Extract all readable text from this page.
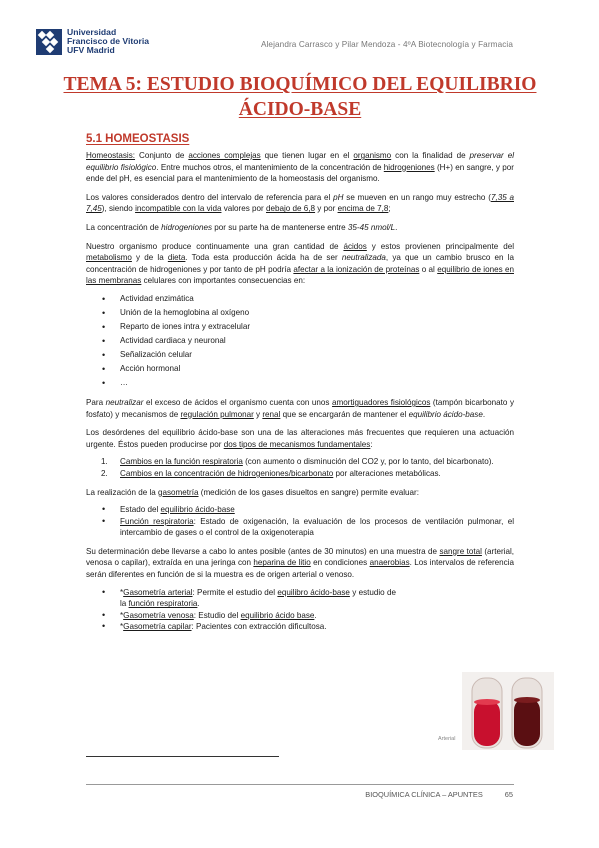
Universidad
Francisco de Vitoria
UFV Madrid
Alejandra Carrasco y Pilar Mendoza - 4ºA Biotecnología y Farmacia
TEMA 5: ESTUDIO BIOQUÍMICO DEL EQUILIBRIO
ÁCIDO-BASE
5.1 HOMEOSTASIS

Homeostasis: Conjunto de acciones complejas que tienen lugar en el organismo con la finalidad de preservar el equilibrio fisiológico. Entre muchos otros, el mantenimiento de la concentración de hidrogeniones (H+) en sangre, y por ende del pH, es esencial para el mantenimiento de la homeostasis del organismo.

Los valores considerados dentro del intervalo de referencia para el pH se mueven en un rango muy estrecho (7,35 a 7,45), siendo incompatible con la vida valores por debajo de 6,8 y por encima de 7,8;

La concentración de hidrogeniones por su parte ha de mantenerse entre 35-45 nmol/L.

Nuestro organismo produce continuamente una gran cantidad de ácidos y estos provienen principalmente del metabolismo y de la dieta. Toda esta producción ácida ha de ser neutralizada, ya que un cambio brusco en la concentración de hidrogeniones y por tanto de pH podría afectar a la ionización de proteínas o al equilibrio de iones en las membranas celulares con importantes consecuencias en:

• Actividad enzimática
• Unión de la hemoglobina al oxígeno
• Reparto de iones intra y extracelular
• Actividad cardiaca y neuronal
• Señalización celular
• Acción hormonal
• …

Para neutralizar el exceso de ácidos el organismo cuenta con unos amortiguadores fisiológicos (tampón bicarbonato y fosfato) y mecanismos de regulación pulmonar y renal que se encargarán de mantener el equilibrio ácido-base.

Los desórdenes del equilibrio ácido-base son una de las alteraciones más frecuentes que requieren una actuación urgente. Éstos pueden producirse por dos tipos de mecanismos fundamentales:

1. Cambios en la función respiratoria (con aumento o disminución del CO2 y, por lo tanto, del bicarbonato).
2. Cambios en la concentración de hidrogeniones/bicarbonato por alteraciones metabólicas.

La realización de la gasometría (medición de los gases disueltos en sangre) permite evaluar:

• Estado del equilibrio ácido-base
• Función respiratoria: Estado de oxigenación, la evaluación de los procesos de ventilación pulmonar, el intercambio de gases o el control de la oxigenoterapia

Su determinación debe llevarse a cabo lo antes posible (antes de 30 minutos) en una muestra de sangre total (arterial, venosa o capilar), extraída en una jeringa con heparina de litio en condiciones anaerobias. Los intervalos de referencia serán diferentes en función de si la muestra es de origen arterial o venoso.

• *Gasometría arterial: Permite el estudio del equilibro ácido-base y estudio de la función respiratoria.
• *Gasometría venosa: Estudio del equilibrio ácido base.
• *Gasometría capilar: Pacientes con extracción dificultosa.
Arterial
BIOQUÍMICA CLÍNICA – APUNTES	65
